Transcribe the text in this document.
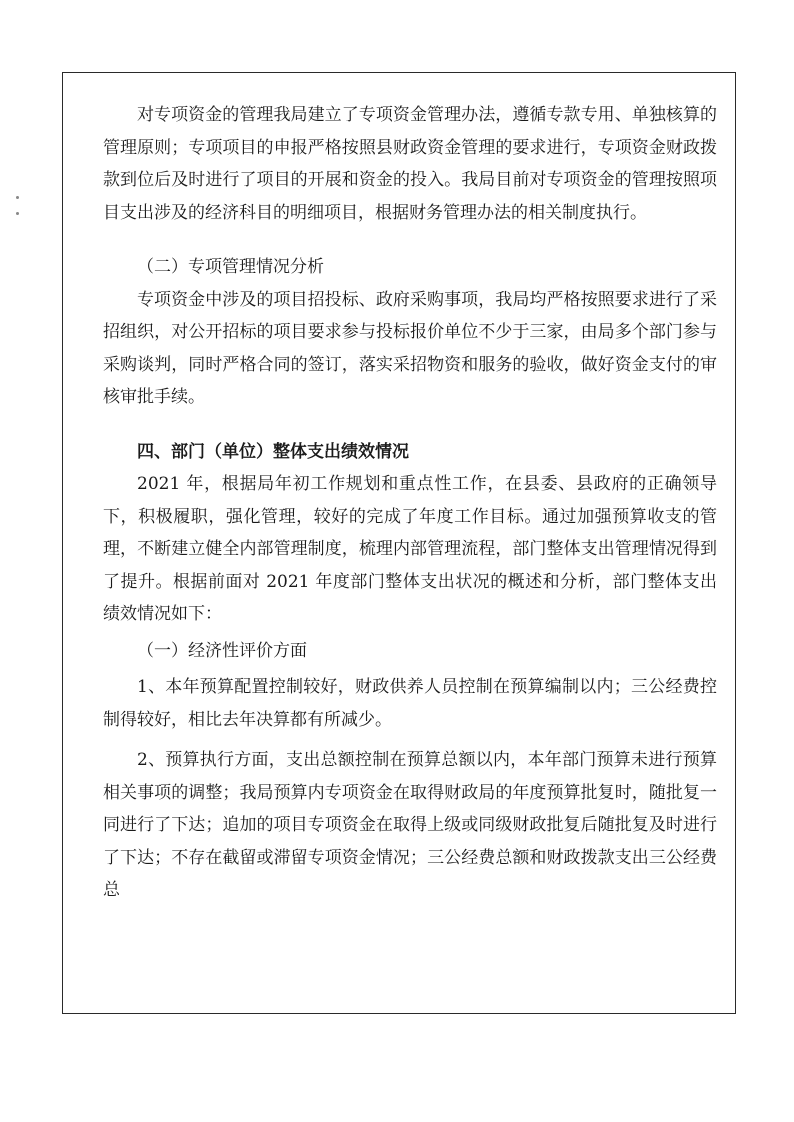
对专项资金的管理我局建立了专项资金管理办法，遵循专款专用、单独核算的管理原则；专项项目的申报严格按照县财政资金管理的要求进行，专项资金财政拨款到位后及时进行了项目的开展和资金的投入。我局目前对专项资金的管理按照项目支出涉及的经济科目的明细项目，根据财务管理办法的相关制度执行。

（二）专项管理情况分析

专项资金中涉及的项目招投标、政府采购事项，我局均严格按照要求进行了采招组织，对公开招标的项目要求参与投标报价单位不少于三家，由局多个部门参与采购谈判，同时严格合同的签订，落实采招物资和服务的验收，做好资金支付的审核审批手续。

四、部门（单位）整体支出绩效情况

2021 年，根据局年初工作规划和重点性工作，在县委、县政府的正确领导下，积极履职，强化管理，较好的完成了年度工作目标。通过加强预算收支的管理，不断建立健全内部管理制度，梳理内部管理流程，部门整体支出管理情况得到了提升。根据前面对 2021 年度部门整体支出状况的概述和分析，部门整体支出绩效情况如下：

（一）经济性评价方面

1、本年预算配置控制较好，财政供养人员控制在预算编制以内；三公经费控制得较好，相比去年决算都有所减少。

2、预算执行方面，支出总额控制在预算总额以内，本年部门预算未进行预算相关事项的调整；我局预算内专项资金在取得财政局的年度预算批复时，随批复一同进行了下达；追加的项目专项资金在取得上级或同级财政批复后随批复及时进行了下达；不存在截留或滞留专项资金情况；三公经费总额和财政拨款支出三公经费总
